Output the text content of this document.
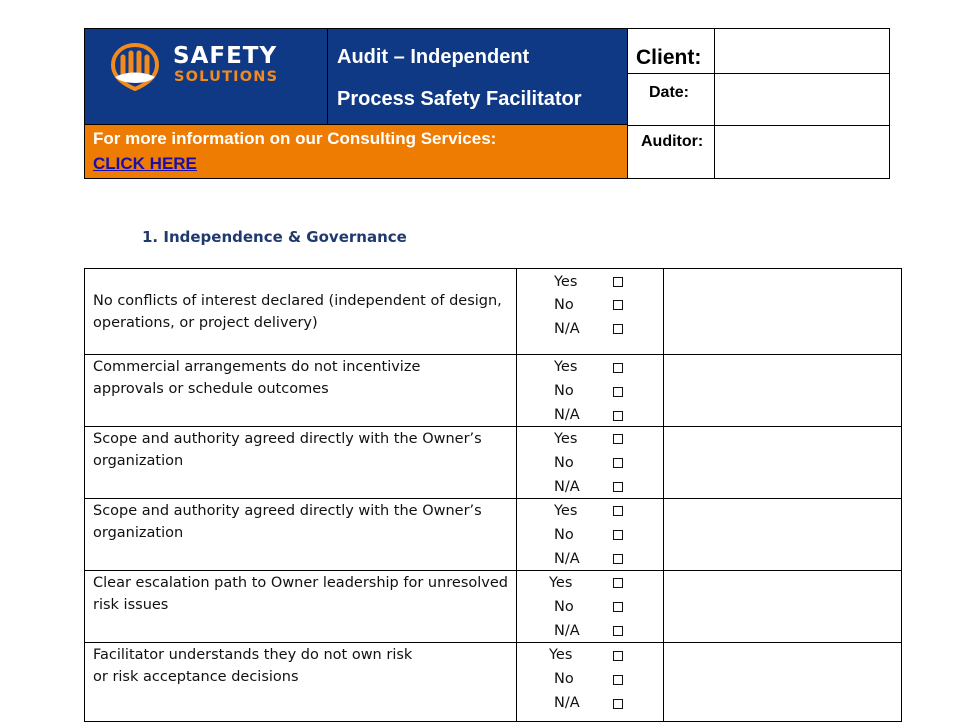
SAFETY
SOLUTIONS
Audit – Independent
Process Safety Facilitator
For more information on our Consulting Services:
CLICK HERE
Client:
Date:
Auditor:
1. Independence & Governance
No conflicts of interest declared (independent of design,
operations, or project delivery)
Yes
No
N/A
Commercial arrangements do not incentivize
approvals or schedule outcomes
Yes
No
N/A
Scope and authority agreed directly with the Owner’s
organization
Yes
No
N/A
Scope and authority agreed directly with the Owner’s
organization
Yes
No
N/A
Clear escalation path to Owner leadership for unresolved
risk issues
Yes
No
N/A
Facilitator understands they do not own risk
or risk acceptance decisions
Yes
No
N/A
